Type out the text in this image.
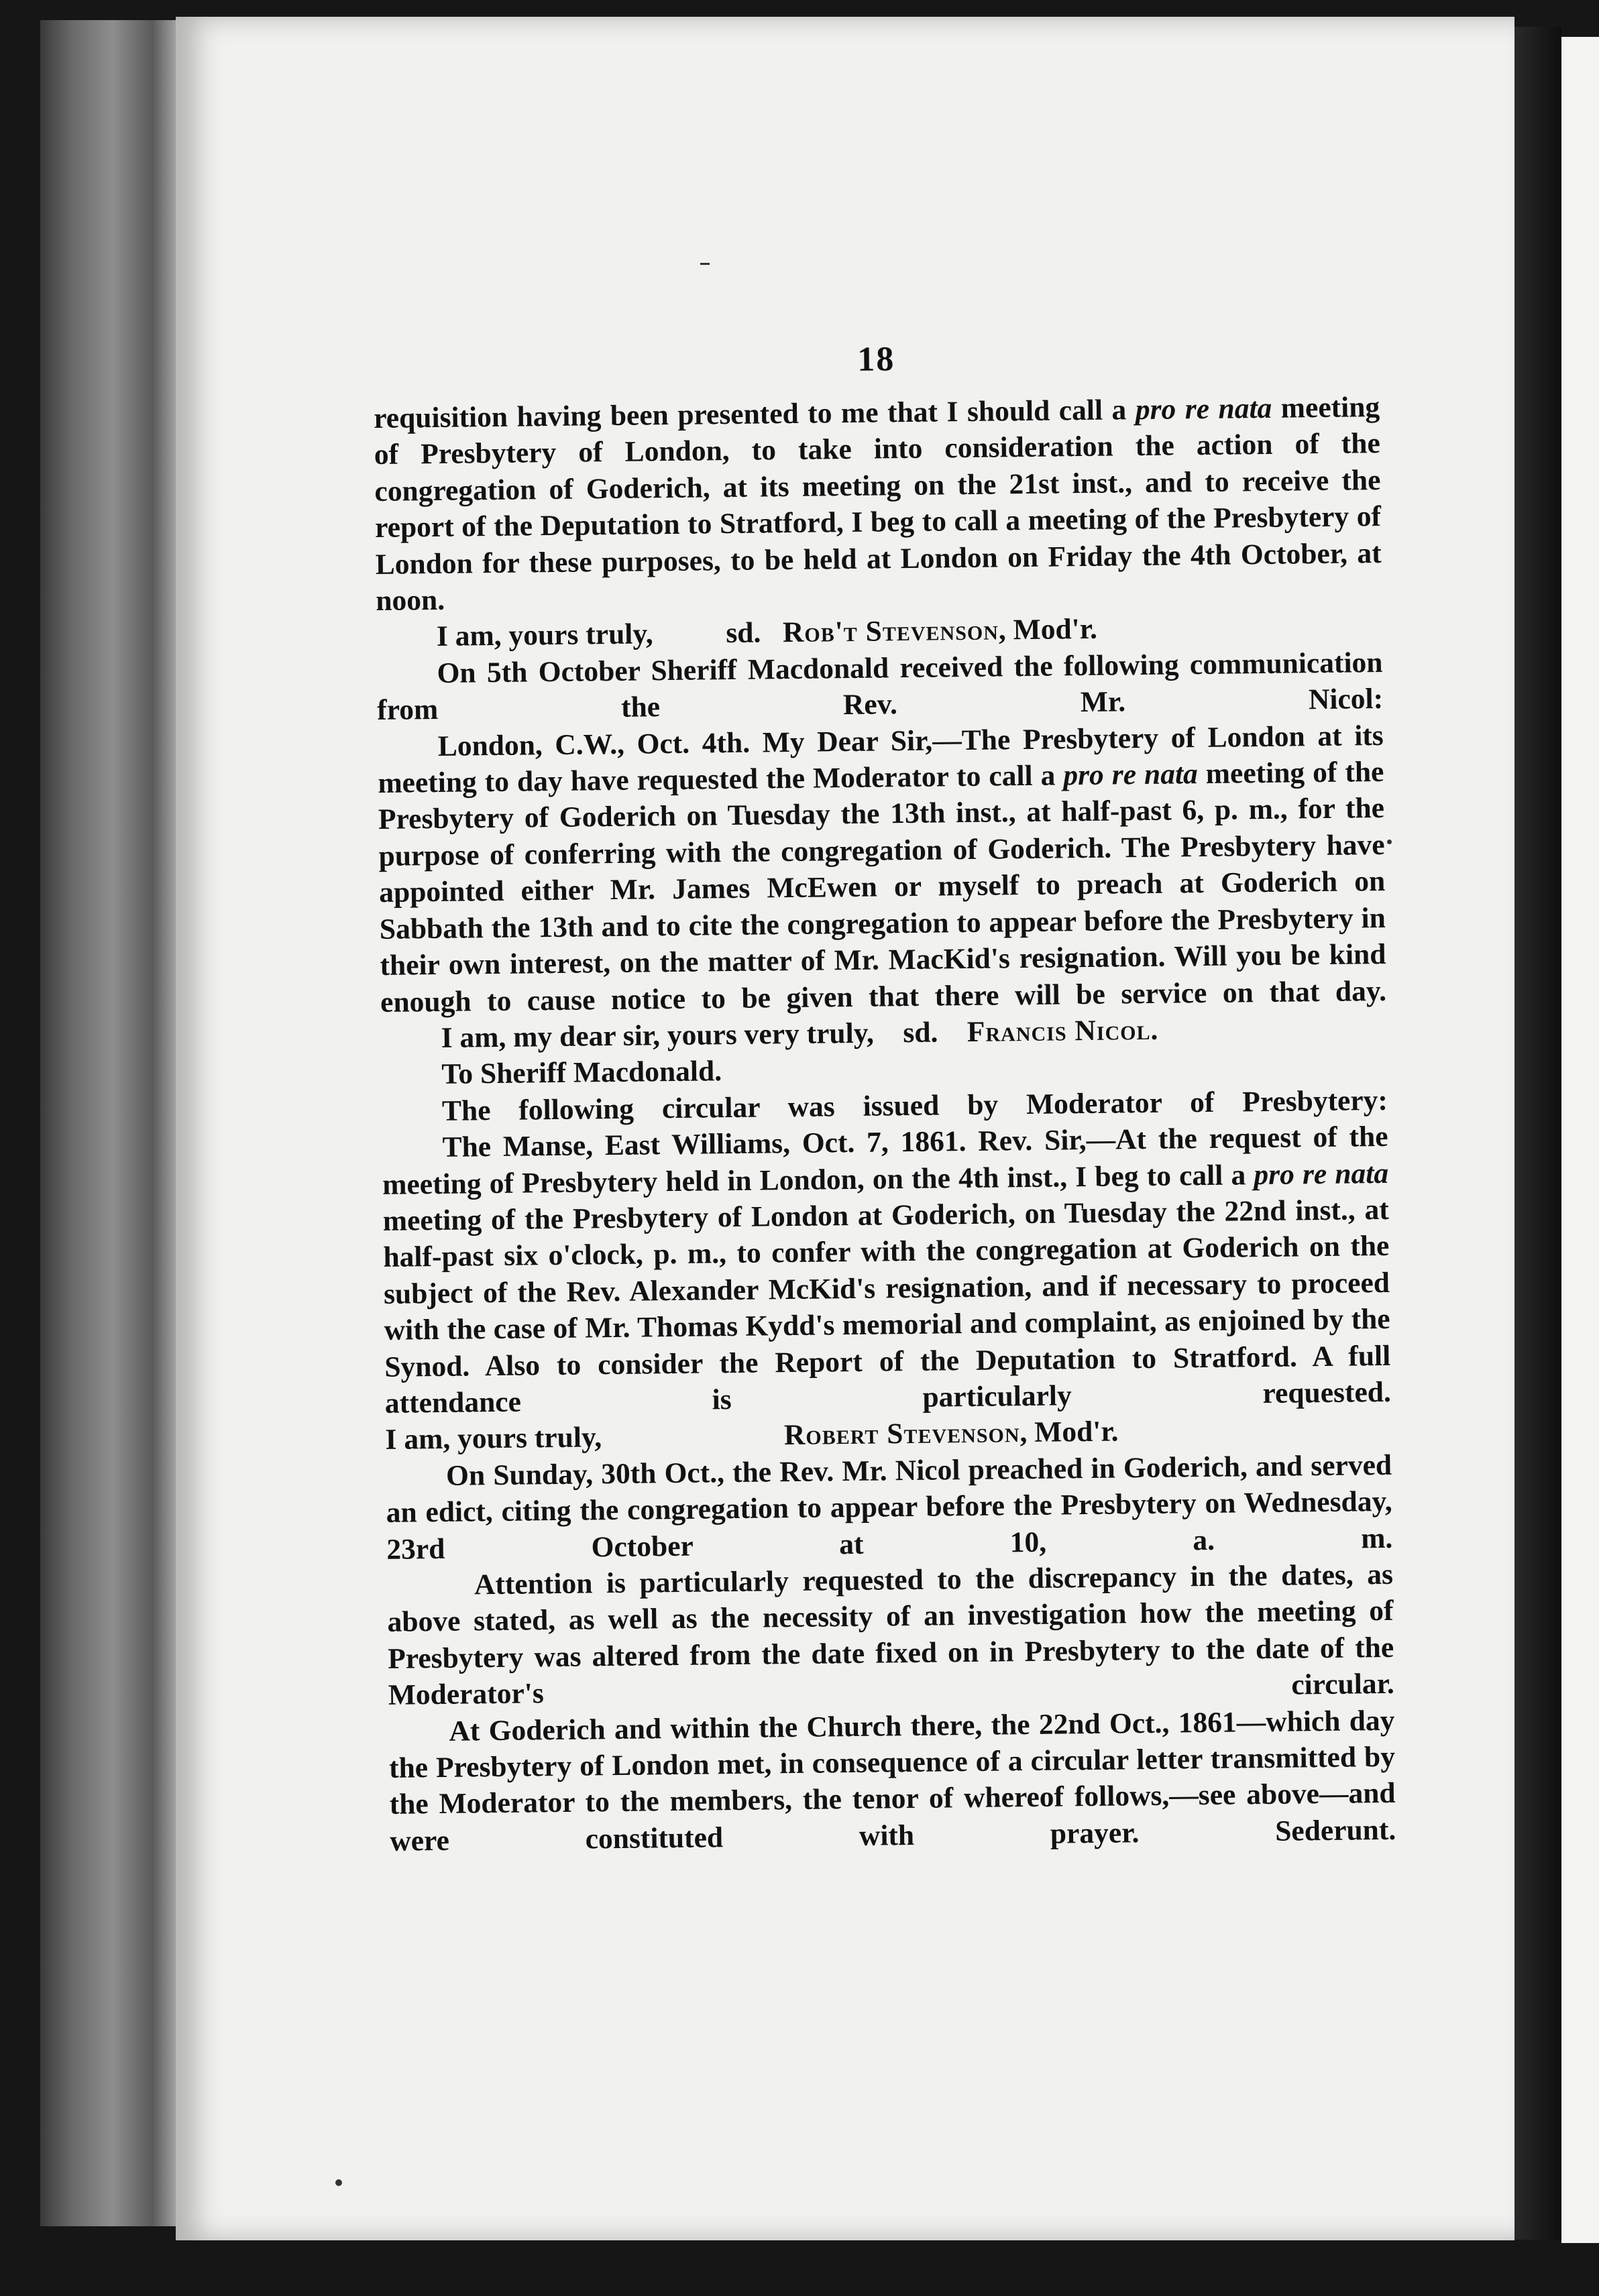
18

requisition having been presented to me that I should call a pro re nata meeting of Presbytery of London, to take into consideration the action of the congregation of Goderich, at its meeting on the 21st inst., and to receive the report of the Deputation to Stratford, I beg to call a meeting of the Presbytery of London for these purposes, to be held at London on Friday the 4th October, at noon.

I am, yours truly,          sd.   Rob't Stevenson, Mod'r.

On 5th October Sheriff Macdonald received the following communication from the Rev. Mr. Nicol:

London, C.W., Oct. 4th. My Dear Sir,—The Presbytery of London at its meeting to day have requested the Moderator to call a pro re nata meeting of the Presbytery of Goderich on Tuesday the 13th inst., at half-past 6, p. m., for the purpose of conferring with the congregation of Goderich. The Presbytery have appointed either Mr. James McEwen or myself to preach at Goderich on Sabbath the 13th and to cite the congregation to appear before the Presbytery in their own interest, on the matter of Mr. MacKid's resignation. Will you be kind enough to cause notice to be given that there will be service on that day.

I am, my dear sir, yours very truly,    sd.    Francis Nicol.

To Sheriff Macdonald.

The following circular was issued by Moderator of Presbytery:

The Manse, East Williams, Oct. 7, 1861. Rev. Sir,—At the request of the meeting of Presbytery held in London, on the 4th inst., I beg to call a pro re nata meeting of the Presbytery of London at Goderich, on Tuesday the 22nd inst., at half-past six o'clock, p. m., to confer with the congregation at Goderich on the subject of the Rev. Alexander McKid's resignation, and if necessary to proceed with the case of Mr. Thomas Kydd's memorial and complaint, as enjoined by the Synod. Also to consider the Report of the Deputation to Stratford. A full attendance is particularly requested.

I am, yours truly,                         Robert Stevenson, Mod'r.

On Sunday, 30th Oct., the Rev. Mr. Nicol preached in Goderich, and served an edict, citing the congregation to appear before the Presbytery on Wednesday, 23rd October at 10, a. m.

Attention is particularly requested to the discrepancy in the dates, as above stated, as well as the necessity of an investigation how the meeting of Presbytery was altered from the date fixed on in Presbytery to the date of the Moderator's circular.

At Goderich and within the Church there, the 22nd Oct., 1861—which day the Presbytery of London met, in consequence of a circular letter transmitted by the Moderator to the members, the tenor of whereof follows,—see above—and were constituted with prayer. Sederunt.
